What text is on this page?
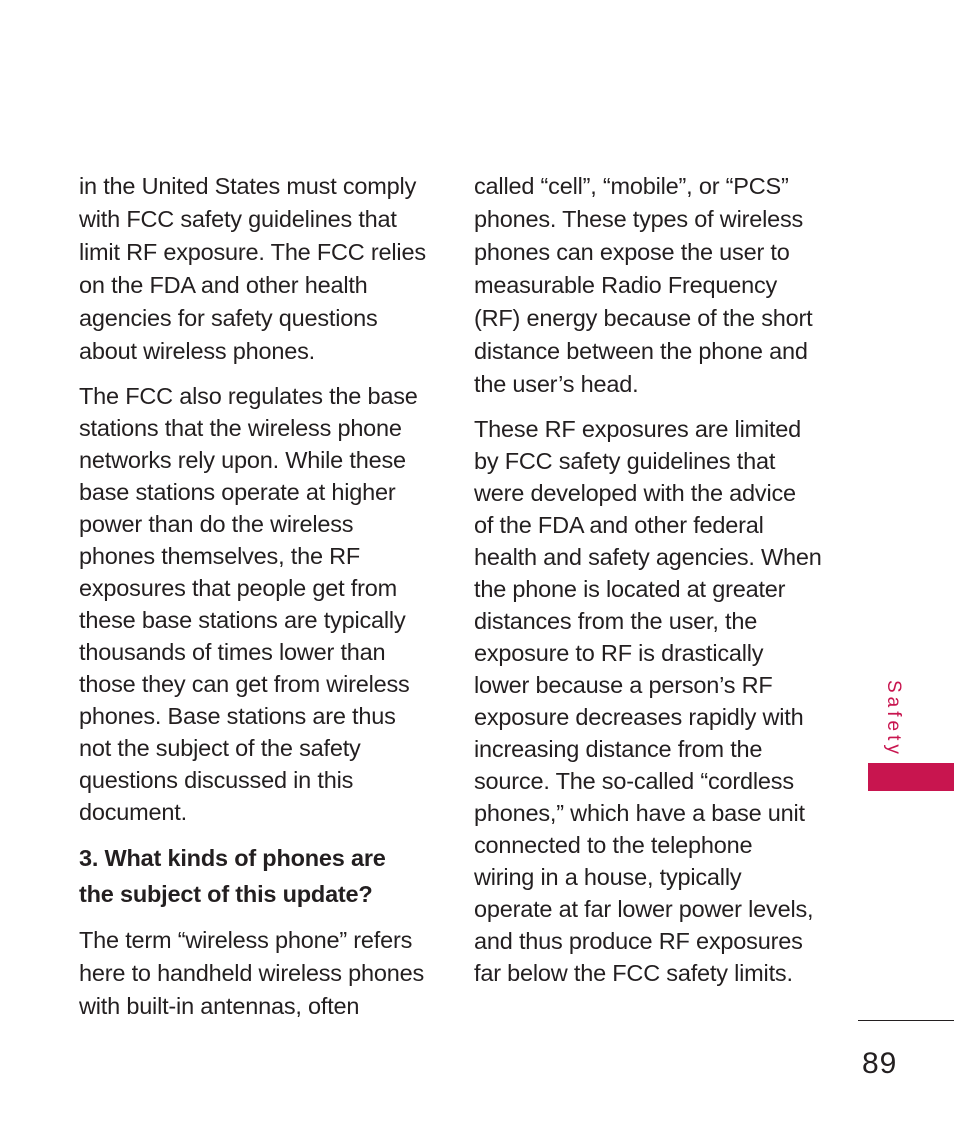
in the United States must comply
with FCC safety guidelines that
limit RF exposure. The FCC relies
on the FDA and other health
agencies for safety questions
about wireless phones.

The FCC also regulates the base
stations that the wireless phone
networks rely upon. While these
base stations operate at higher
power than do the wireless
phones themselves, the RF
exposures that people get from
these base stations are typically
thousands of times lower than
those they can get from wireless
phones. Base stations are thus
not the subject of the safety
questions discussed in this
document.

3. What kinds of phones are
the subject of this update?

The term “wireless phone” refers
here to handheld wireless phones
with built-in antennas, often

called “cell”, “mobile”, or “PCS”
phones. These types of wireless
phones can expose the user to
measurable Radio Frequency
(RF) energy because of the short
distance between the phone and
the user’s head.

These RF exposures are limited
by FCC safety guidelines that
were developed with the advice
of the FDA and other federal
health and safety agencies. When
the phone is located at greater
distances from the user, the
exposure to RF is drastically
lower because a person’s RF
exposure decreases rapidly with
increasing distance from the
source. The so-called “cordless
phones,” which have a base unit
connected to the telephone
wiring in a house, typically
operate at far lower power levels,
and thus produce RF exposures
far below the FCC safety limits.

Safety
89
